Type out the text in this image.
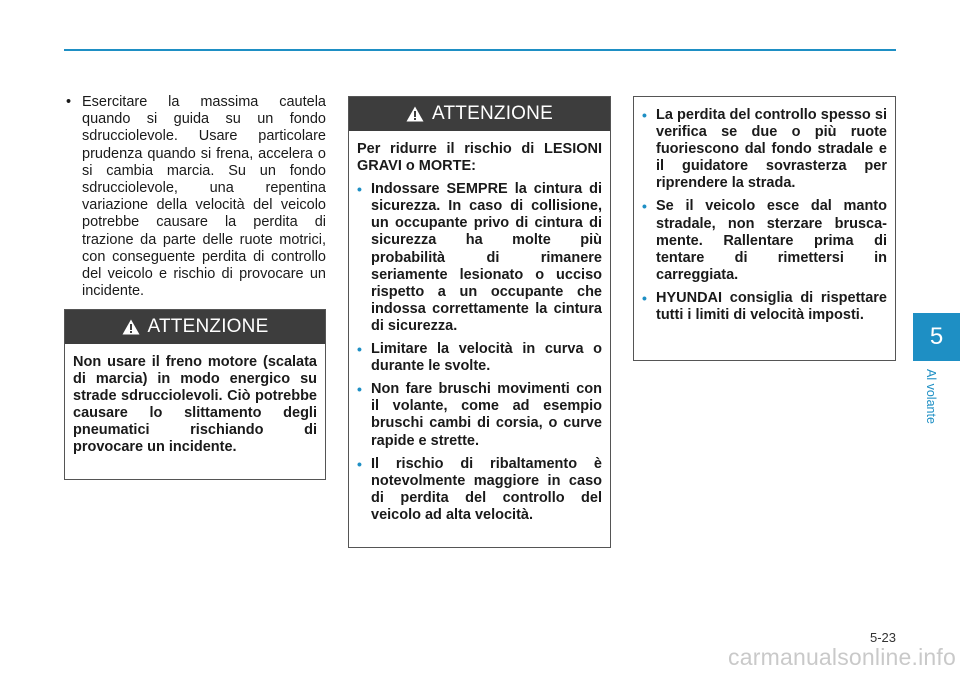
• Esercitare la massima cautela quando si guida su un fondo sdrucciolevole. Usare particolare prudenza quando si frena, accelera o si cambia marcia. Su un fondo sdrucciolevole, una repentina variazione della velocità del veicolo potrebbe causare la perdita di trazione da parte delle ruote motrici, con conseguente perdita di controllo del veicolo e rischio di provocare un incidente.
ATTENZIONE

Non usare il freno motore (scalata di marcia) in modo energico su strade sdrucciolevoli. Ciò potrebbe causare lo slittamento degli pneumatici rischiando di provocare un incidente.

ATTENZIONE

Per ridurre il rischio di LESIONI GRAVI o MORTE:

• Indossare SEMPRE la cintura di sicurezza. In caso di collisione, un occupante privo di cintura di sicurezza ha molte più probabilità di rimanere seriamente lesionato o ucciso rispetto a un occupante che indossa correttamente la cintura di sicurezza.
• Limitare la velocità in curva o durante le svolte.
• Non fare bruschi movimenti con il volante, come ad esempio bruschi cambi di corsia, o curve rapide e strette.
• Il rischio di ribaltamento è notevolmente maggiore in caso di perdita del controllo del veicolo ad alta velocità.
• La perdita del controllo spesso si verifica se due o più ruote fuoriescono dal fondo stradale e il guidatore sovrasterza per riprendere la strada.
• Se il veicolo esce dal manto stradale, non sterzare brusca-mente. Rallentare prima di tentare di rimettersi in carreggiata.
• HYUNDAI consiglia di rispettare tutti i limiti di velocità imposti.
5
Al volante
5-23
carmanualsonline.info
